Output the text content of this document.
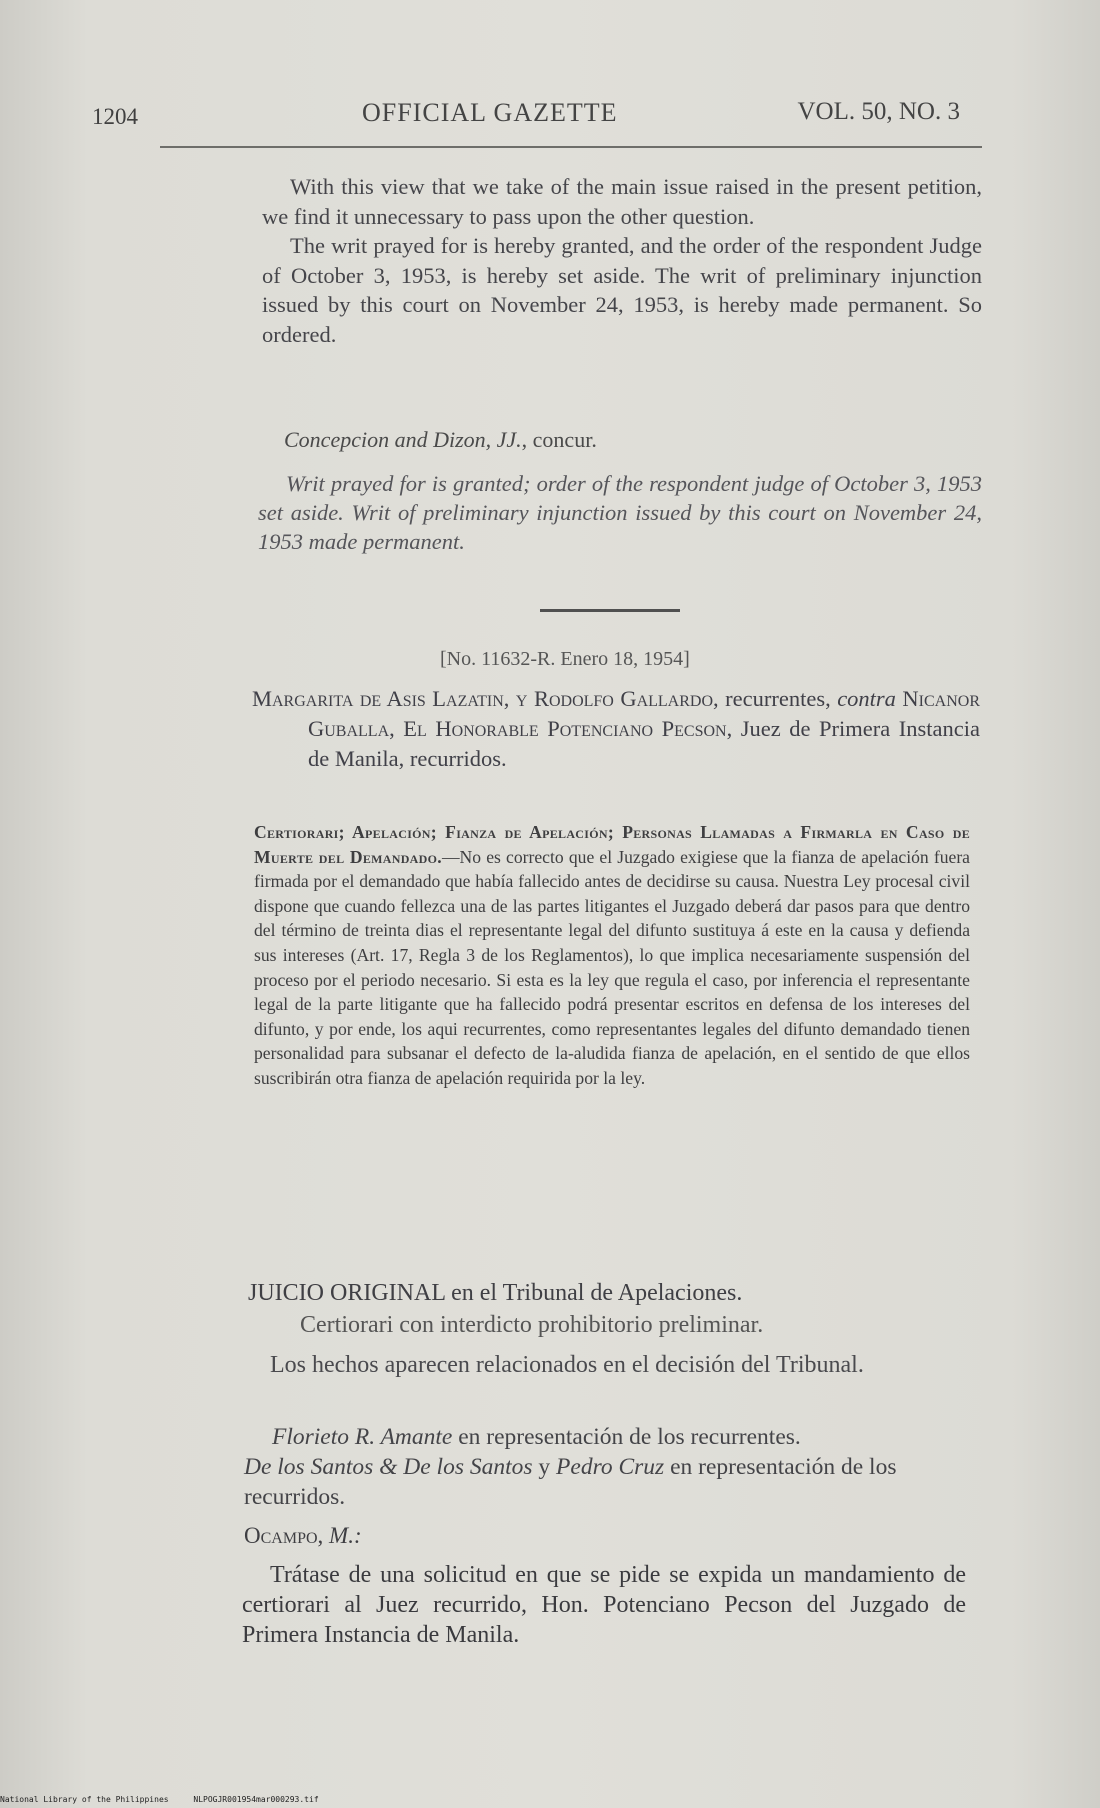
1204	OFFICIAL GAZETTE	VOL. 50, NO. 3

With this view that we take of the main issue raised in the present petition, we find it unnecessary to pass upon the other question.

The writ prayed for is hereby granted, and the order of the respondent Judge of October 3, 1953, is hereby set aside. The writ of preliminary injunction issued by this court on November 24, 1953, is hereby made permanent. So ordered.

Concepcion and Dizon, JJ., concur.
Writ prayed for is granted; order of the respondent judge of October 3, 1953 set aside. Writ of preliminary injunction issued by this court on November 24, 1953 made permanent.
[No. 11632-R. Enero 18, 1954]
Margarita de Asis Lazatin, y Rodolfo Gallardo, recurrentes, contra Nicanor Guballa, El Honorable Potenciano Pecson, Juez de Primera Instancia de Manila, recurridos.
Certiorari; Apelación; Fianza de Apelación; Personas Llamadas a Firmarla en Caso de Muerte del Demandado.—No es correcto que el Juzgado exigiese que la fianza de apelación fuera firmada por el demandado que había fallecido antes de decidirse su causa. Nuestra Ley procesal civil dispone que cuando fellezca una de las partes litigantes el Juzgado deberá dar pasos para que dentro del término de treinta dias el representante legal del difunto sustituya á este en la causa y defienda sus intereses (Art. 17, Regla 3 de los Reglamentos), lo que implica necesariamente suspensión del proceso por el periodo necesario. Si esta es la ley que regula el caso, por inferencia el representante legal de la parte litigante que ha fallecido podrá presentar escritos en defensa de los intereses del difunto, y por ende, los aqui recurrentes, como representantes legales del difunto demandado tienen personalidad para subsanar el defecto de la-aludida fianza de apelación, en el sentido de que ellos suscribirán otra fianza de apelación requirida por la ley.
JUICIO ORIGINAL en el Tribunal de Apelaciones.
Certiorari con interdicto prohibitorio preliminar.
Los hechos aparecen relacionados en el decisión del Tribunal.
Florieto R. Amante en representación de los recurrentes.
De los Santos & De los Santos y Pedro Cruz en representación de los recurridos.
Ocampo, M.:
Trátase de una solicitud en que se pide se expida un mandamiento de certiorari al Juez recurrido, Hon. Potenciano Pecson del Juzgado de Primera Instancia de Manila.
National Library of the Philippines	NLPOGJR001954mar000293.tif
